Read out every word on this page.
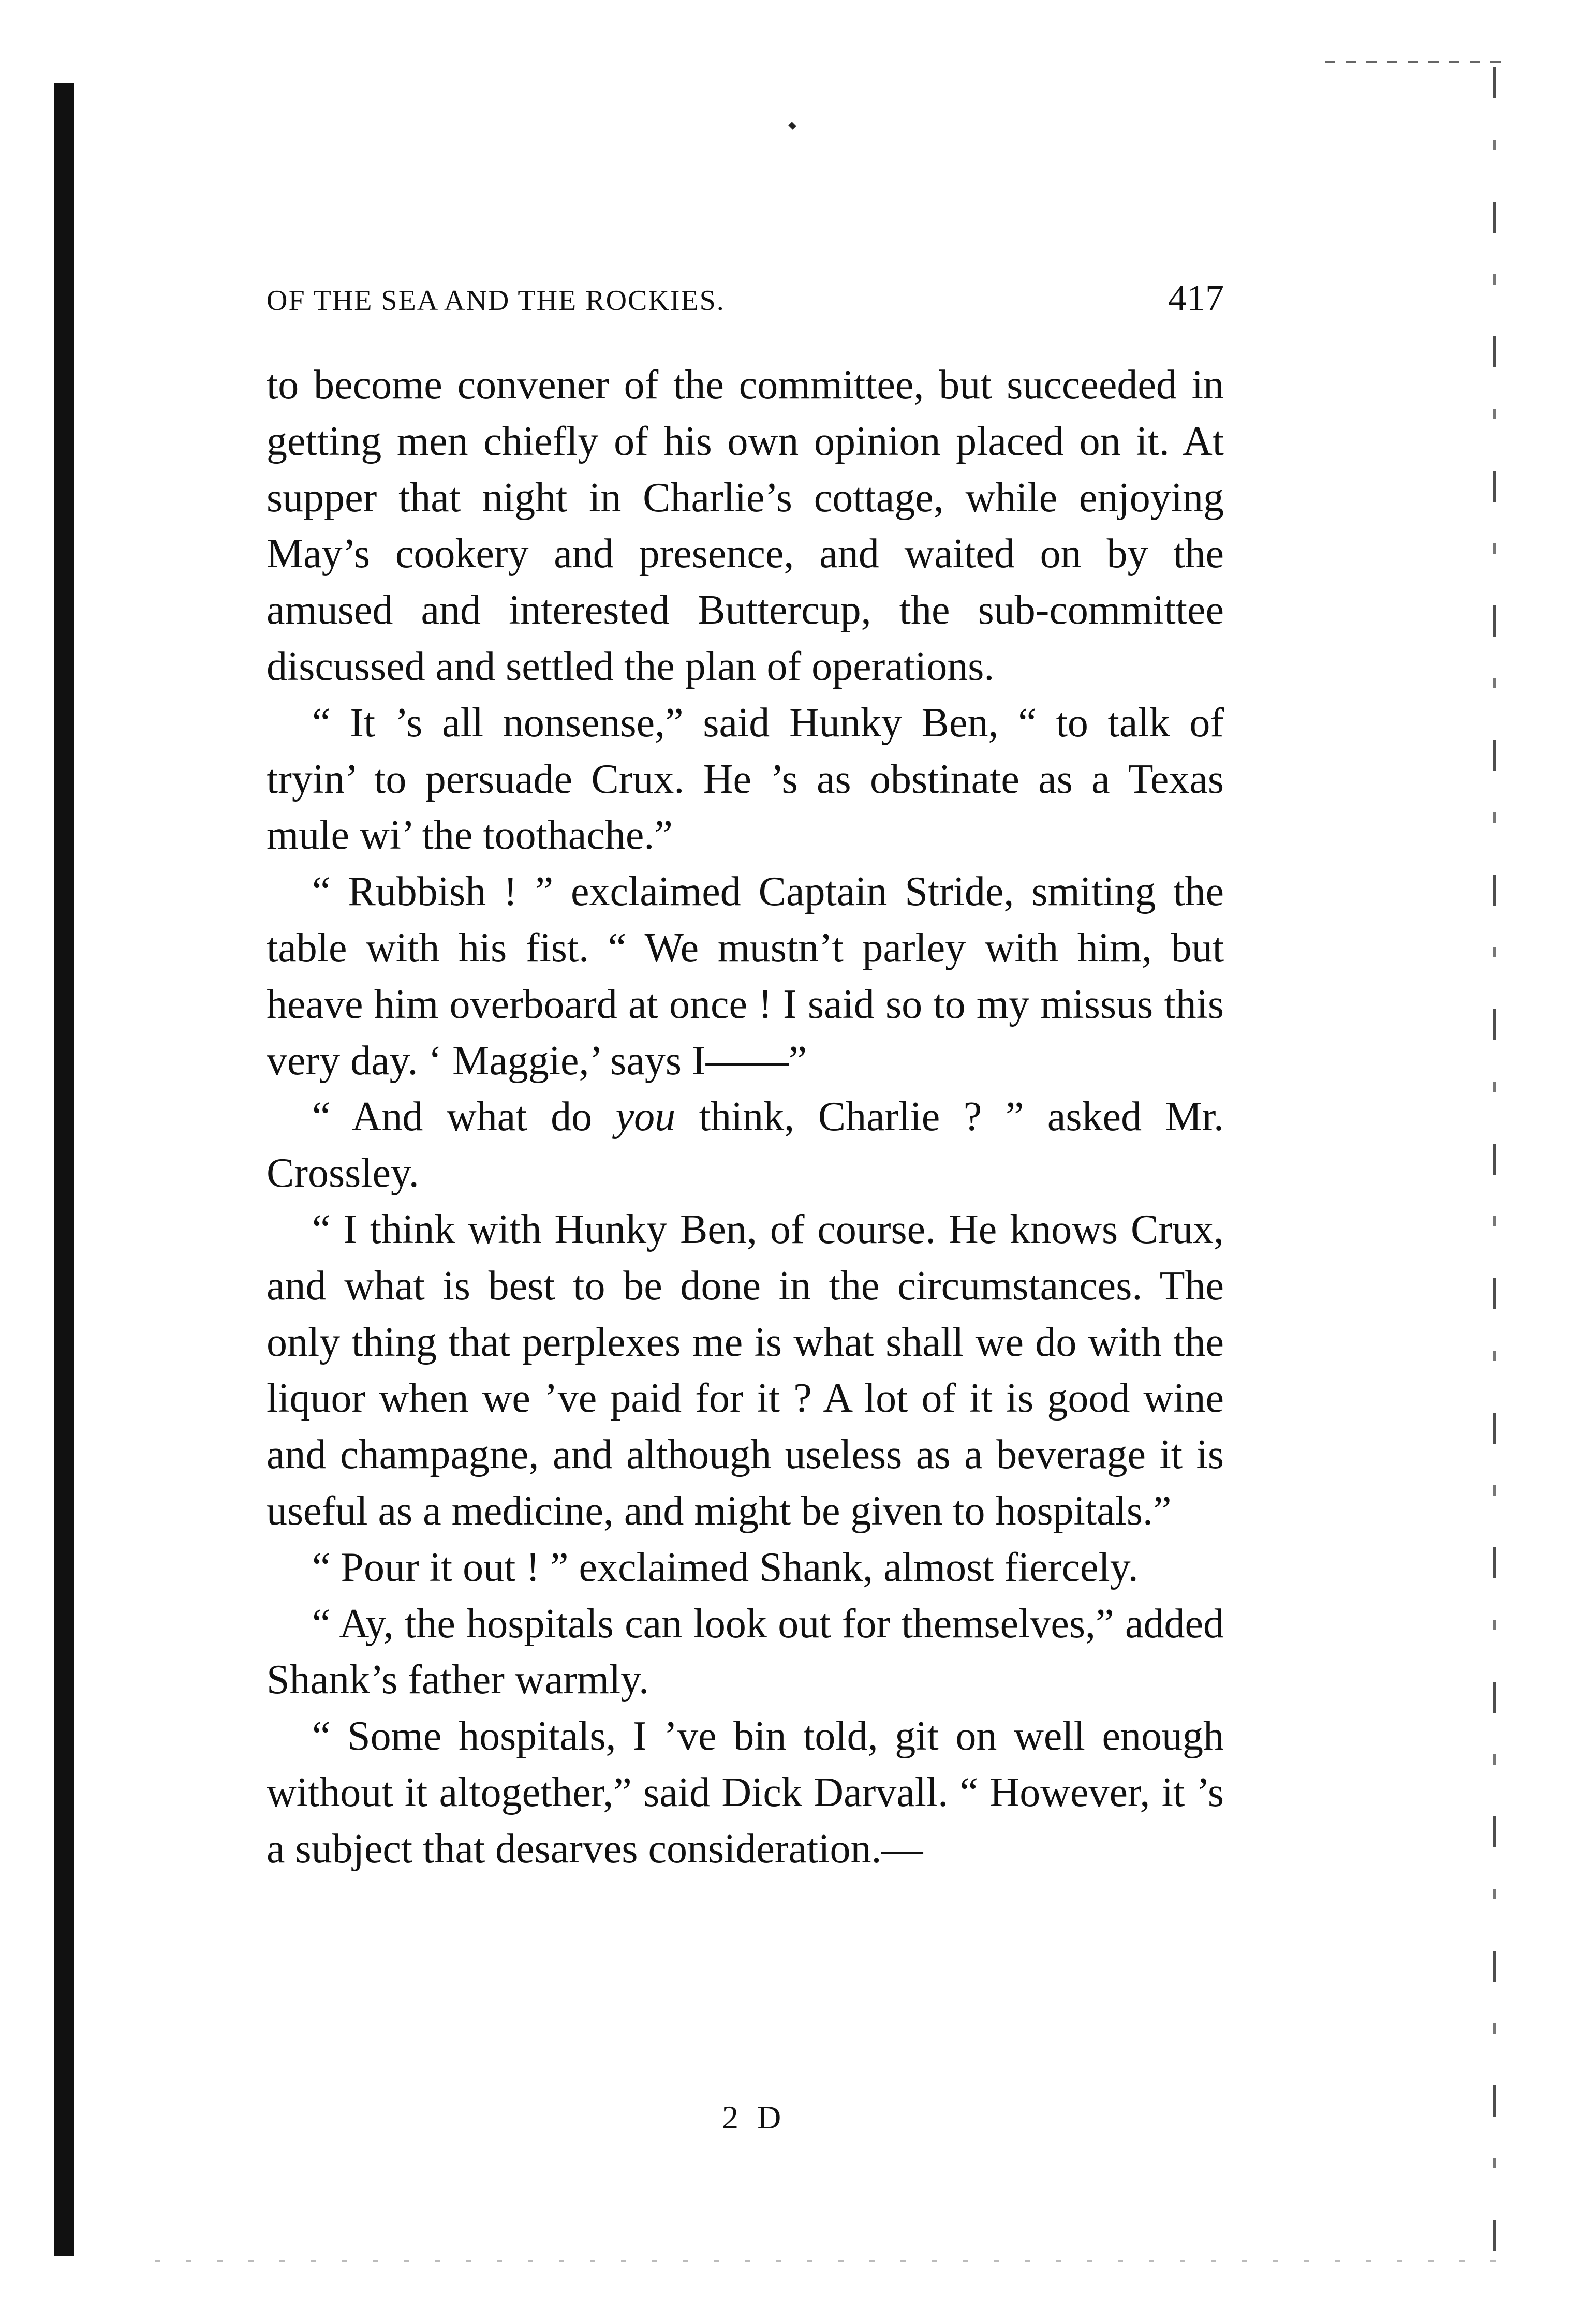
OF THE SEA AND THE ROCKIES.	417

to become convener of the committee, but succeeded in getting men chiefly of his own opinion placed on it. At supper that night in Charlie’s cottage, while enjoying May’s cookery and presence, and waited on by the amused and interested Buttercup, the sub-committee discussed and settled the plan of operations.

“ It ’s all nonsense,” said Hunky Ben, “ to talk of tryin’ to persuade Crux. He ’s as obstinate as a Texas mule wi’ the toothache.”

“ Rubbish ! ” exclaimed Captain Stride, smiting the table with his fist. “ We mustn’t parley with him, but heave him overboard at once ! I said so to my missus this very day. ‘ Maggie,’ says I——”

“ And what do you think, Charlie ? ” asked Mr. Crossley.

“ I think with Hunky Ben, of course. He knows Crux, and what is best to be done in the circumstances. The only thing that perplexes me is what shall we do with the liquor when we ’ve paid for it ? A lot of it is good wine and champagne, and although useless as a beverage it is useful as a medicine, and might be given to hospitals.”

“ Pour it out ! ” exclaimed Shank, almost fiercely.

“ Ay, the hospitals can look out for themselves,” added Shank’s father warmly.

“ Some hospitals, I ’ve bin told, git on well enough without it altogether,” said Dick Darvall. “ However, it ’s a subject that desarves consideration.—

2 D
